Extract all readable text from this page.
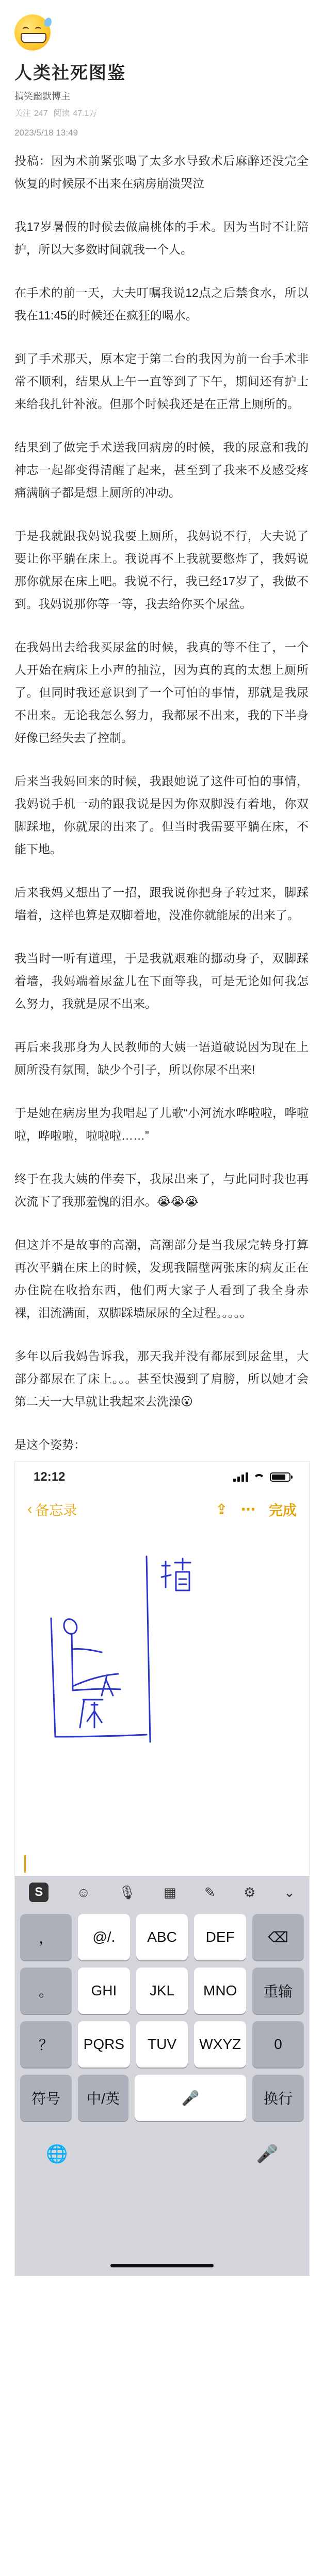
人类社死图鉴
搞笑幽默博主
关注 247 阅读 47.1万
2023/5/18 13:49

投稿：因为术前紧张喝了太多水导致术后麻醉还没完全恢复的时候尿不出来在病房崩溃哭泣

我17岁暑假的时候去做扁桃体的手术。因为当时不让陪护，所以大多数时间就我一个人。

在手术的前一天，大夫叮嘱我说12点之后禁食水，所以我在11:45的时候还在疯狂的喝水。

到了手术那天，原本定于第二台的我因为前一台手术非常不顺利，结果从上午一直等到了下午，期间还有护士来给我扎针补液。但那个时候我还是在正常上厕所的。

结果到了做完手术送我回病房的时候，我的尿意和我的神志一起都变得清醒了起来，甚至到了我来不及感受疼痛满脑子都是想上厕所的冲动。

于是我就跟我妈说我要上厕所，我妈说不行，大夫说了要让你平躺在床上。我说再不上我就要憋炸了，我妈说那你就尿在床上吧。我说不行，我已经17岁了，我做不到。我妈说那你等一等，我去给你买个尿盆。

在我妈出去给我买尿盆的时候，我真的等不住了，一个人开始在病床上小声的抽泣，因为真的真的太想上厕所了。但同时我还意识到了一个可怕的事情，那就是我尿不出来。无论我怎么努力，我都尿不出来，我的下半身好像已经失去了控制。

后来当我妈回来的时候，我跟她说了这件可怕的事情，我妈说手机一动的跟我说是因为你双脚没有着地，你双脚踩地，你就尿的出来了。但当时我需要平躺在床，不能下地。

后来我妈又想出了一招，跟我说你把身子转过来，脚踩墙着，这样也算是双脚着地，没准你就能尿的出来了。

我当时一听有道理，于是我就艰难的挪动身子，双脚踩着墙，我妈端着尿盆儿在下面等我，可是无论如何我怎么努力，我就是尿不出来。

再后来我那身为人民教师的大姨一语道破说因为现在上厕所没有氛围，缺少个引子，所以你尿不出来!

于是她在病房里为我唱起了儿歌“小河流水哗啦啦，哗啦啦，哗啦啦，啦啦啦……”

终于在我大姨的伴奏下，我尿出来了，与此同时我也再次流下了我那羞愧的泪水。😭😭😭

但这并不是故事的高潮，高潮部分是当我尿完转身打算再次平躺在床上的时候，发现我隔壁两张床的病友正在办住院在收拾东西，他们两大家子人看到了我全身赤裸，泪流满面，双脚踩墙尿尿的全过程。。。。。

多年以后我妈告诉我，那天我并没有都尿到尿盆里，大部分都尿在了床上。。。甚至快漫到了肩膀，所以她才会第二天一大早就让我起来去洗澡😮

是这个姿势：

12:12
‹ 备忘录	⇪ ⋯ 完成
S	☺ 🎙 ▦ ✎ ⚙ ⌄
，	@/.	ABC	DEF	⌫
。	GHI	JKL	MNO	重输
？	PQRS	TUV	WXYZ	0
符号	中/英	🎤	换行
🌐	🎤
